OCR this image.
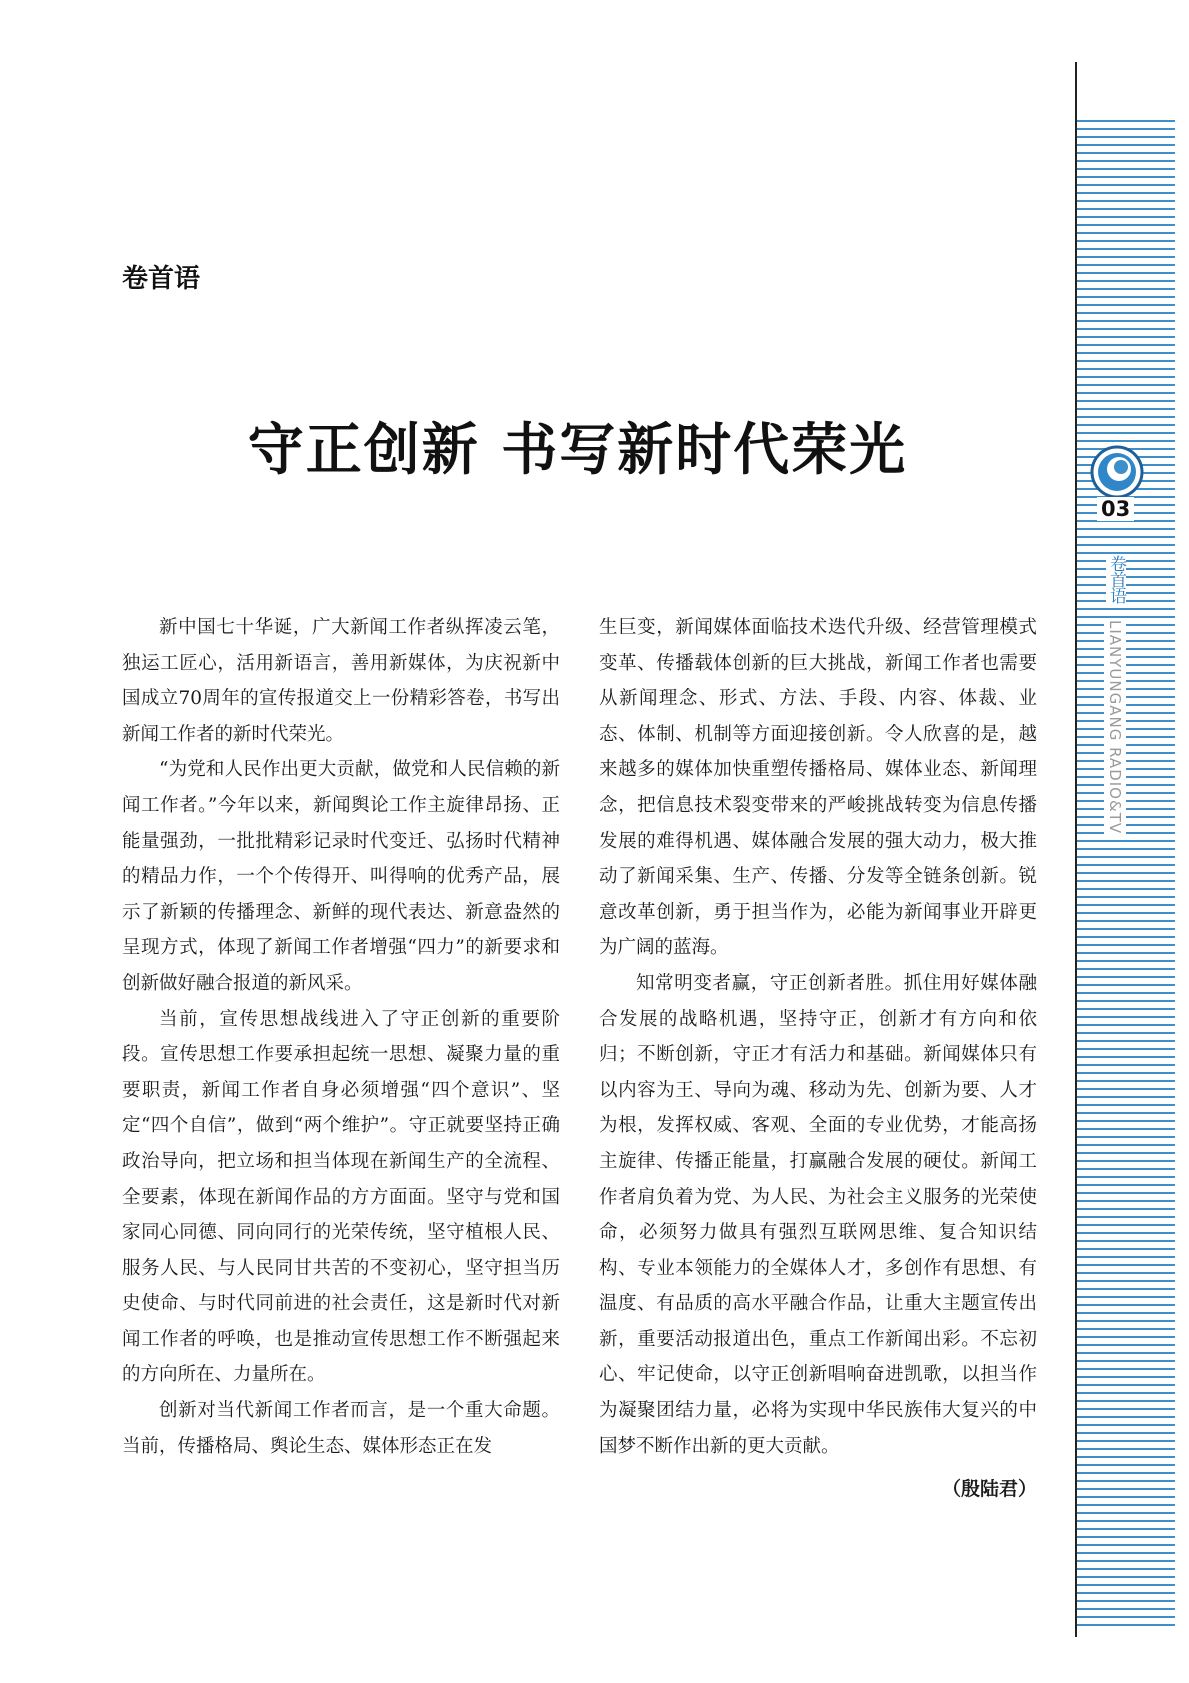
卷首语
守正创新 书写新时代荣光

新中国七十华诞，广大新闻工作者纵挥凌云笔，独运工匠心，活用新语言，善用新媒体，为庆祝新中国成立70周年的宣传报道交上一份精彩答卷，书写出新闻工作者的新时代荣光。

“为党和人民作出更大贡献，做党和人民信赖的新闻工作者。”今年以来，新闻舆论工作主旋律昂扬、正能量强劲，一批批精彩记录时代变迁、弘扬时代精神的精品力作，一个个传得开、叫得响的优秀产品，展示了新颖的传播理念、新鲜的现代表达、新意盎然的呈现方式，体现了新闻工作者增强“四力”的新要求和创新做好融合报道的新风采。

当前，宣传思想战线进入了守正创新的重要阶段。宣传思想工作要承担起统一思想、凝聚力量的重要职责，新闻工作者自身必须增强“四个意识”、坚定“四个自信”，做到“两个维护”。守正就要坚持正确政治导向，把立场和担当体现在新闻生产的全流程、全要素，体现在新闻作品的方方面面。坚守与党和国家同心同德、同向同行的光荣传统，坚守植根人民、服务人民、与人民同甘共苦的不变初心，坚守担当历史使命、与时代同前进的社会责任，这是新时代对新闻工作者的呼唤，也是推动宣传思想工作不断强起来的方向所在、力量所在。

创新对当代新闻工作者而言，是一个重大命题。当前，传播格局、舆论生态、媒体形态正在发

生巨变，新闻媒体面临技术迭代升级、经营管理模式变革、传播载体创新的巨大挑战，新闻工作者也需要从新闻理念、形式、方法、手段、内容、体裁、业态、体制、机制等方面迎接创新。令人欣喜的是，越来越多的媒体加快重塑传播格局、媒体业态、新闻理念，把信息技术裂变带来的严峻挑战转变为信息传播发展的难得机遇、媒体融合发展的强大动力，极大推动了新闻采集、生产、传播、分发等全链条创新。锐意改革创新，勇于担当作为，必能为新闻事业开辟更为广阔的蓝海。

知常明变者赢，守正创新者胜。抓住用好媒体融合发展的战略机遇，坚持守正，创新才有方向和依归；不断创新，守正才有活力和基础。新闻媒体只有以内容为王、导向为魂、移动为先、创新为要、人才为根，发挥权威、客观、全面的专业优势，才能高扬主旋律、传播正能量，打赢融合发展的硬仗。新闻工作者肩负着为党、为人民、为社会主义服务的光荣使命，必须努力做具有强烈互联网思维、复合知识结构、专业本领能力的全媒体人才，多创作有思想、有温度、有品质的高水平融合作品，让重大主题宣传出新，重要活动报道出色，重点工作新闻出彩。不忘初心、牢记使命，以守正创新唱响奋进凯歌，以担当作为凝聚团结力量，必将为实现中华民族伟大复兴的中国梦不断作出新的更大贡献。

（殷陆君）

03
卷首语
LIANYUNGANG RADIO&TV
